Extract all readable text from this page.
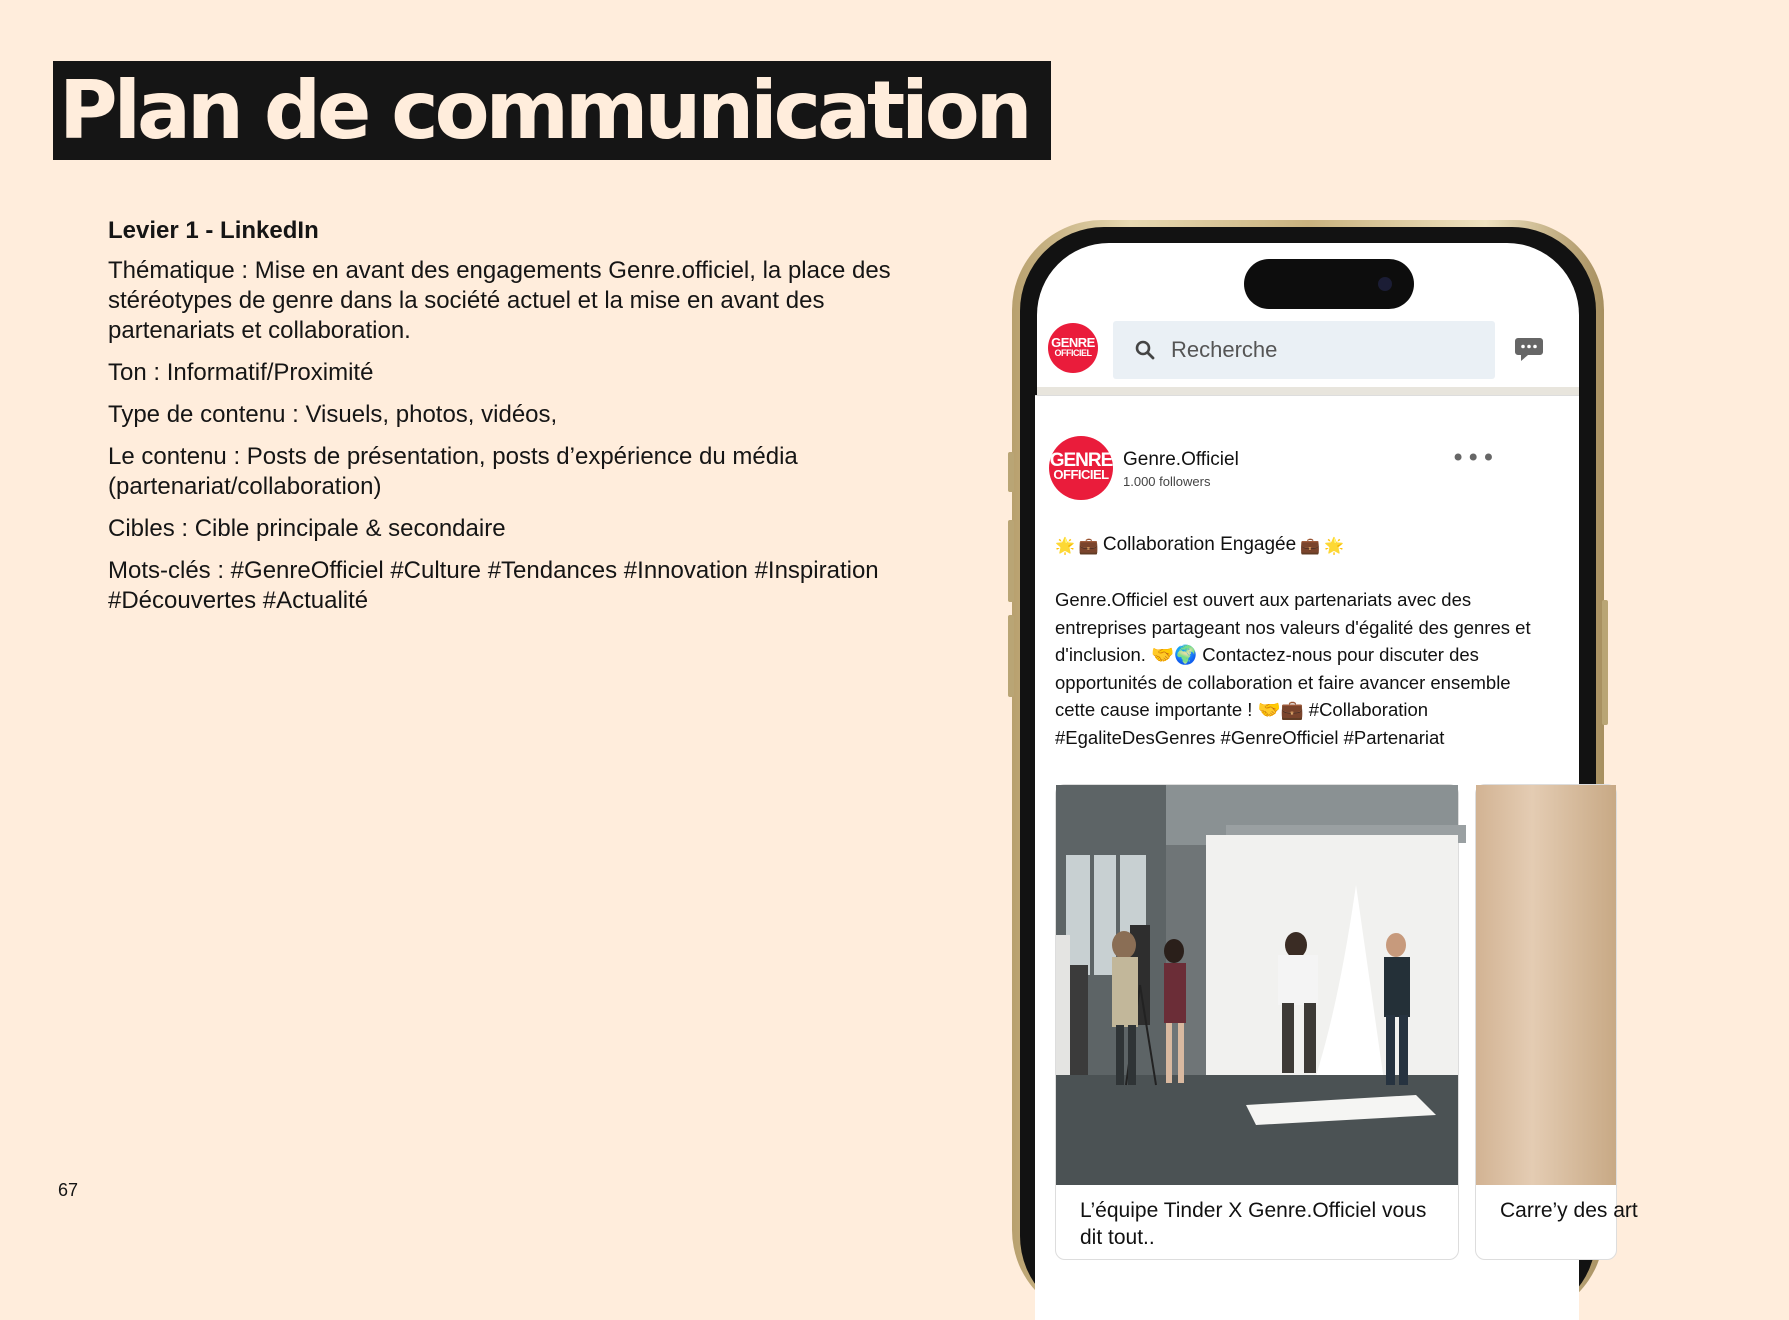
Plan de communication
Levier 1 - LinkedIn
Thématique : Mise en avant des engagements Genre.officiel, la place des stéréotypes de genre dans la société actuel et la mise en avant des partenariats et collaboration.
Ton : Informatif/Proximité
Type de contenu : Visuels, photos, vidéos,
Le contenu : Posts de présentation, posts d’expérience du média (partenariat/collaboration)
Cibles : Cible principale & secondaire
Mots-clés : #GenreOfficiel #Culture #Tendances #Innovation #Inspiration #Découvertes #Actualité
67
GENRE
OFFICIEL	Recherche
GENRE
OFFICIEL
Genre.Officiel
1.000 followers
•••
🌟 💼 Collaboration Engagée 💼 🌟
Genre.Officiel est ouvert aux partenariats avec des entreprises partageant nos valeurs d'égalité des genres et d'inclusion. 🤝🌍 Contactez-nous pour discuter des opportunités de collaboration et faire avancer ensemble cette cause importante ! 🤝💼 #Collaboration #EgaliteDesGenres #GenreOfficiel #Partenariat
L’équipe Tinder X Genre.Officiel vous dit tout..
Carre’y des art
